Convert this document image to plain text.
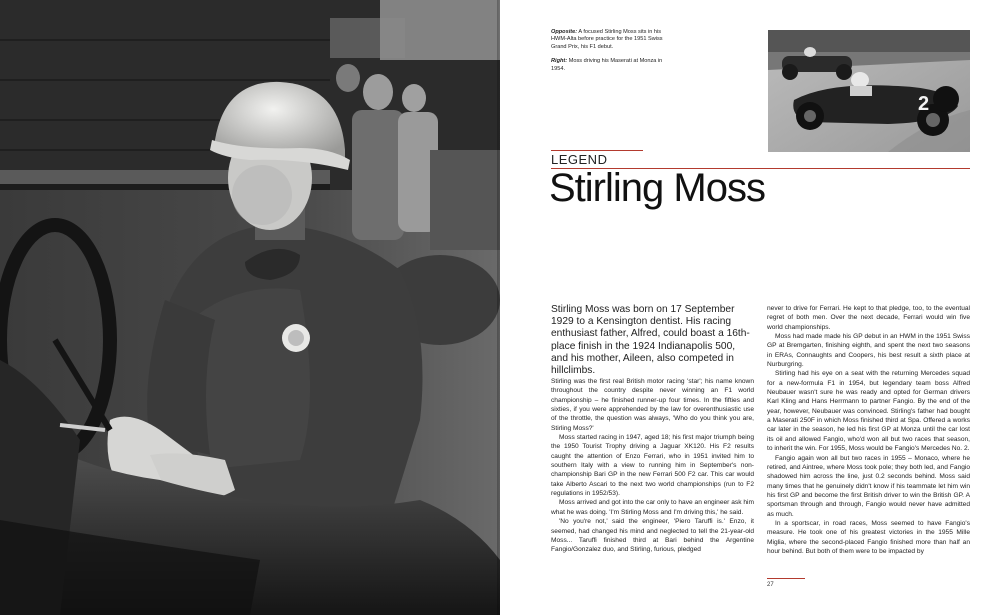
Opposite: A focused Stirling Moss sits in his HWM-Alta before practice for the 1951 Swiss Grand Prix, his F1 debut.

Right: Moss driving his Maserati at Monza in 1954.

2
LEGEND
Stirling Moss
Stirling Moss was born on 17 September 1929 to a Kensington dentist. His racing enthusiast father, Alfred, could boast a 16th-place finish in the 1924 Indianapolis 500, and his mother, Aileen, also competed in hillclimbs.

Stirling was the first real British motor racing 'star'; his name known throughout the country despite never winning an F1 world championship – he finished runner-up four times. In the fifties and sixties, if you were apprehended by the law for overenthusiastic use of the throttle, the question was always, 'Who do you think you are, Stirling Moss?'

Moss started racing in 1947, aged 18; his first major triumph being the 1950 Tourist Trophy driving a Jaguar XK120. His F2 results caught the attention of Enzo Ferrari, who in 1951 invited him to southern Italy with a view to running him in September's non-championship Bari GP in the new Ferrari 500 F2 car. This car would take Alberto Ascari to the next two world championships (run to F2 regulations in 1952/53).

Moss arrived and got into the car only to have an engineer ask him what he was doing. 'I'm Stirling Moss and I'm driving this,' he said.

'No you're not,' said the engineer, 'Piero Taruffi is.' Enzo, it seemed, had changed his mind and neglected to tell the 21-year-old Moss... Taruffi finished third at Bari behind the Argentine Fangio/Gonzalez duo, and Stirling, furious, pledged

never to drive for Ferrari. He kept to that pledge, too, to the eventual regret of both men. Over the next decade, Ferrari would win five world championships.

Moss had made made his GP debut in an HWM in the 1951 Swiss GP at Bremgarten, finishing eighth, and spent the next two seasons in ERAs, Connaughts and Coopers, his best result a sixth place at Nurburgring.

Stirling had his eye on a seat with the returning Mercedes squad for a new-formula F1 in 1954, but legendary team boss Alfred Neubauer wasn't sure he was ready and opted for German drivers Karl Kling and Hans Herrmann to partner Fangio. By the end of the year, however, Neubauer was convinced. Stirling's father had bought a Maserati 250F in which Moss finished third at Spa. Offered a works car later in the season, he led his first GP at Monza until the car lost its oil and allowed Fangio, who'd won all but two races that season, to inherit the win. For 1955, Moss would be Fangio's Mercedes No. 2.

Fangio again won all but two races in 1955 – Monaco, where he retired, and Aintree, where Moss took pole; they both led, and Fangio shadowed him across the line, just 0.2 seconds behind. Moss said many times that he genuinely didn't know if his teammate let him win his first GP and become the first British driver to win the British GP. A sportsman through and through, Fangio would never have admitted as much.

In a sportscar, in road races, Moss seemed to have Fangio's measure. He took one of his greatest victories in the 1955 Mille Miglia, where the second-placed Fangio finished more than half an hour behind. But both of them were to be impacted by

27
